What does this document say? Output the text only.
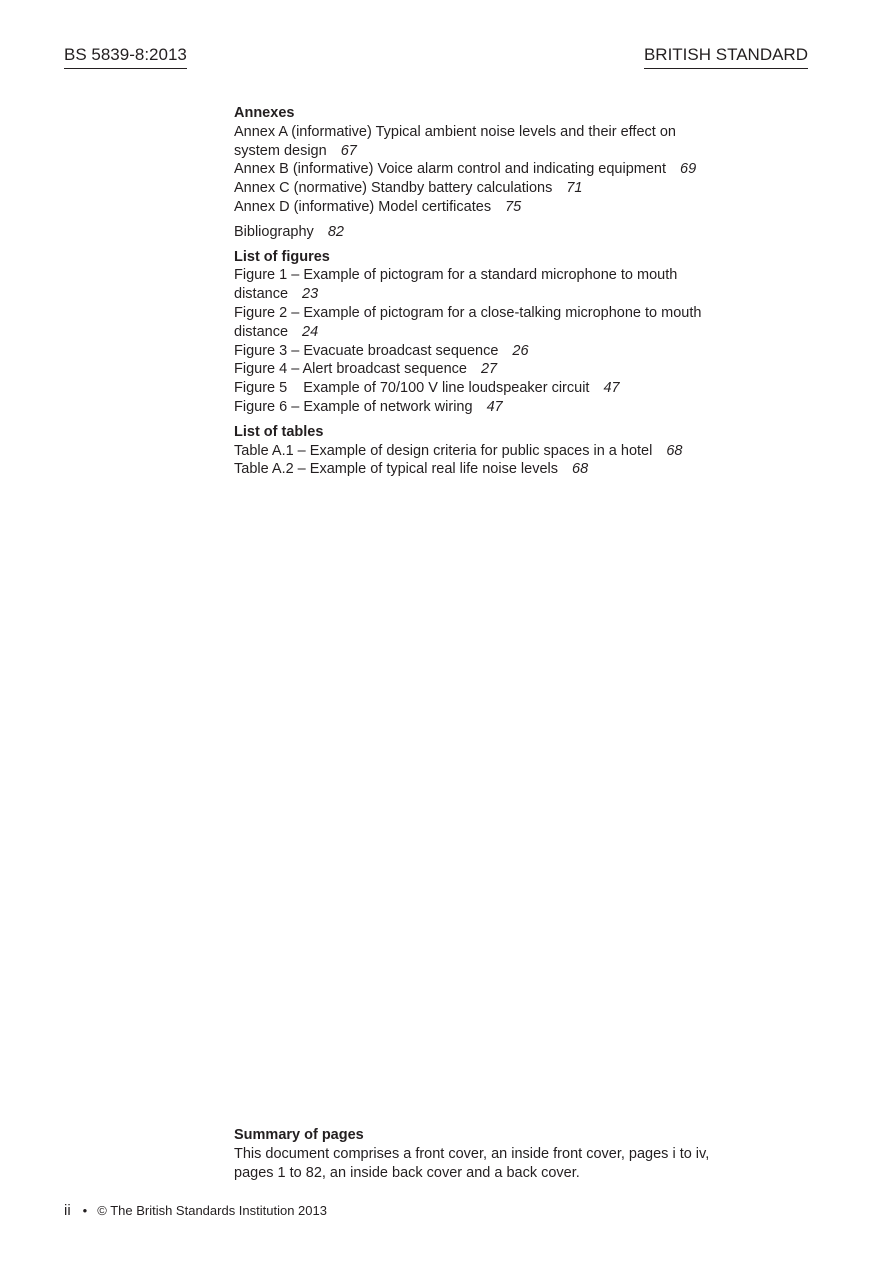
BS 5839-8:2013	BRITISH STANDARD
Annexes
Annex A (informative) Typical ambient noise levels and their effect on
system design 67
Annex B (informative) Voice alarm control and indicating equipment 69
Annex C (normative) Standby battery calculations 71
Annex D (informative) Model certificates 75
Bibliography 82
List of figures
Figure 1 – Example of pictogram for a standard microphone to mouth
distance 23
Figure 2 – Example of pictogram for a close-talking microphone to mouth
distance 24
Figure 3 – Evacuate broadcast sequence 26
Figure 4 – Alert broadcast sequence 27
Figure 5    Example of 70/100 V line loudspeaker circuit 47
Figure 6 – Example of network wiring 47
List of tables
Table A.1 – Example of design criteria for public spaces in a hotel 68
Table A.2 – Example of typical real life noise levels 68
Summary of pages
This document comprises a front cover, an inside front cover, pages i to iv,
pages 1 to 82, an inside back cover and a back cover.
ii • © The British Standards Institution 2013
